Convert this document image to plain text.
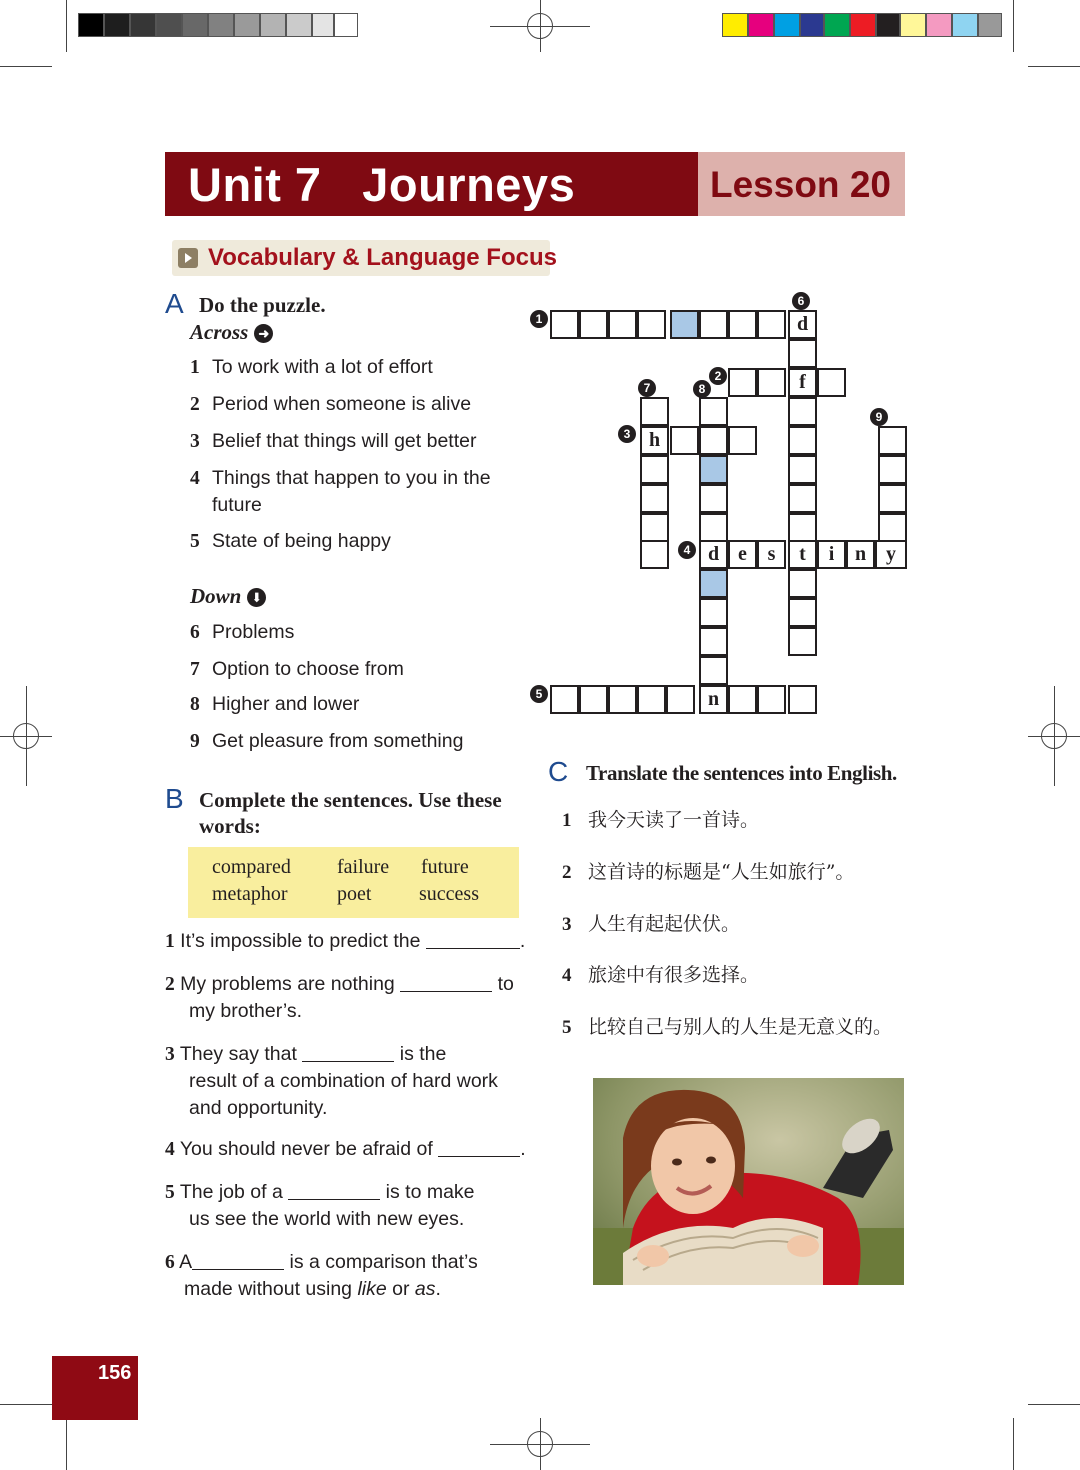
Unit 7   Journeys	Lesson 20
Vocabulary & Language Focus
A Do the puzzle.
Across ➜
1 To work with a lot of effort
2 Period when someone is alive
3 Belief that things will get better
4 Things that happen to you in the
future
5 State of being happy
Down ⬇
6 Problems
7 Option to choose from
8 Higher and lower
9 Get pleasure from something
d
f
t
h
d e	s	i	n y
n
1
2
3
4
5
6
7	8
9
B Complete the sentences. Use these
words:
compared failure future
metaphor poet success
1 It’s impossible to predict the	.
2 My problems are nothing	to
my brother’s.
3 They say that	is the
result of a combination of hard work
and opportunity.
4 You should never be afraid of	.
5 The job of a	is to make
us see the world with new eyes.
6 A	is a comparison that’s
made without using like or as.
C Translate the sentences into English.
1 我今天读了一首诗。
2 这首诗的标题是“人生如旅行”。
3 人生有起起伏伏。
4 旅途中有很多选择。
5 比较自己与别人的人生是无意义的。
156
